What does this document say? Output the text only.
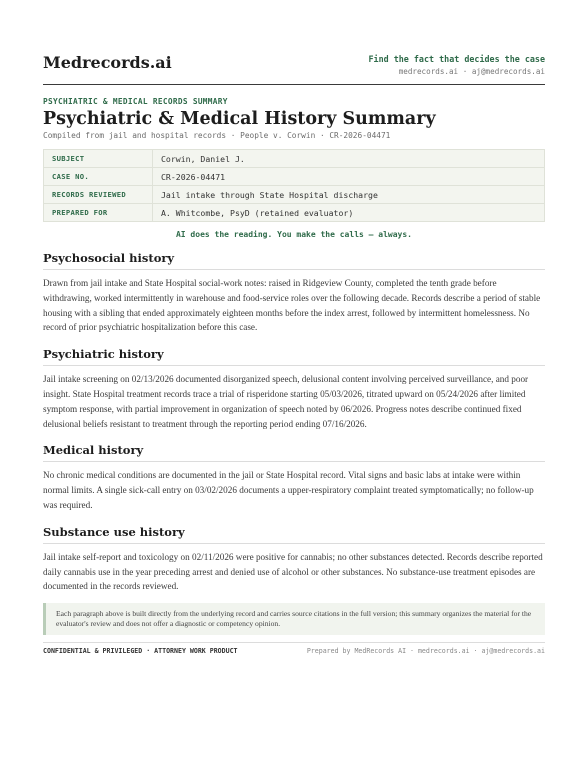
Medrecords.ai	Find the fact that decides the case
medrecords.ai · aj@medrecords.ai
PSYCHIATRIC & MEDICAL RECORDS SUMMARY
Psychiatric & Medical History Summary
Compiled from jail and hospital records · People v. Corwin · CR-2026-04471
SUBJECT	Corwin, Daniel J.
CASE NO.	CR-2026-04471
RECORDS REVIEWED	Jail intake through State Hospital discharge
PREPARED FOR	A. Whitcombe, PsyD (retained evaluator)
AI does the reading. You make the calls — always.
Psychosocial history

Drawn from jail intake and State Hospital social-work notes: raised in Ridgeview County, completed the tenth grade before withdrawing, worked intermittently in warehouse and food-service roles over the following decade. Records describe a period of stable housing with a sibling that ended approximately eighteen months before the index arrest, followed by intermittent homelessness. No record of prior psychiatric hospitalization before this case.

Psychiatric history

Jail intake screening on 02/13/2026 documented disorganized speech, delusional content involving perceived surveillance, and poor insight. State Hospital treatment records trace a trial of risperidone starting 05/03/2026, titrated upward on 05/24/2026 after limited symptom response, with partial improvement in organization of speech noted by 06/2026. Progress notes describe continued fixed delusional beliefs resistant to treatment through the reporting period ending 07/16/2026.

Medical history

No chronic medical conditions are documented in the jail or State Hospital record. Vital signs and basic labs at intake were within normal limits. A single sick-call entry on 03/02/2026 documents a upper-respiratory complaint treated symptomatically; no follow-up was required.

Substance use history

Jail intake self-report and toxicology on 02/11/2026 were positive for cannabis; no other substances detected. Records describe reported daily cannabis use in the year preceding arrest and denied use of alcohol or other substances. No substance-use treatment episodes are documented in the records reviewed.

Each paragraph above is built directly from the underlying record and carries source citations in the full version; this summary organizes the material for the evaluator's review and does not offer a diagnostic or competency opinion.
CONFIDENTIAL & PRIVILEGED · ATTORNEY WORK PRODUCT	Prepared by MedRecords AI · medrecords.ai · aj@medrecords.ai
